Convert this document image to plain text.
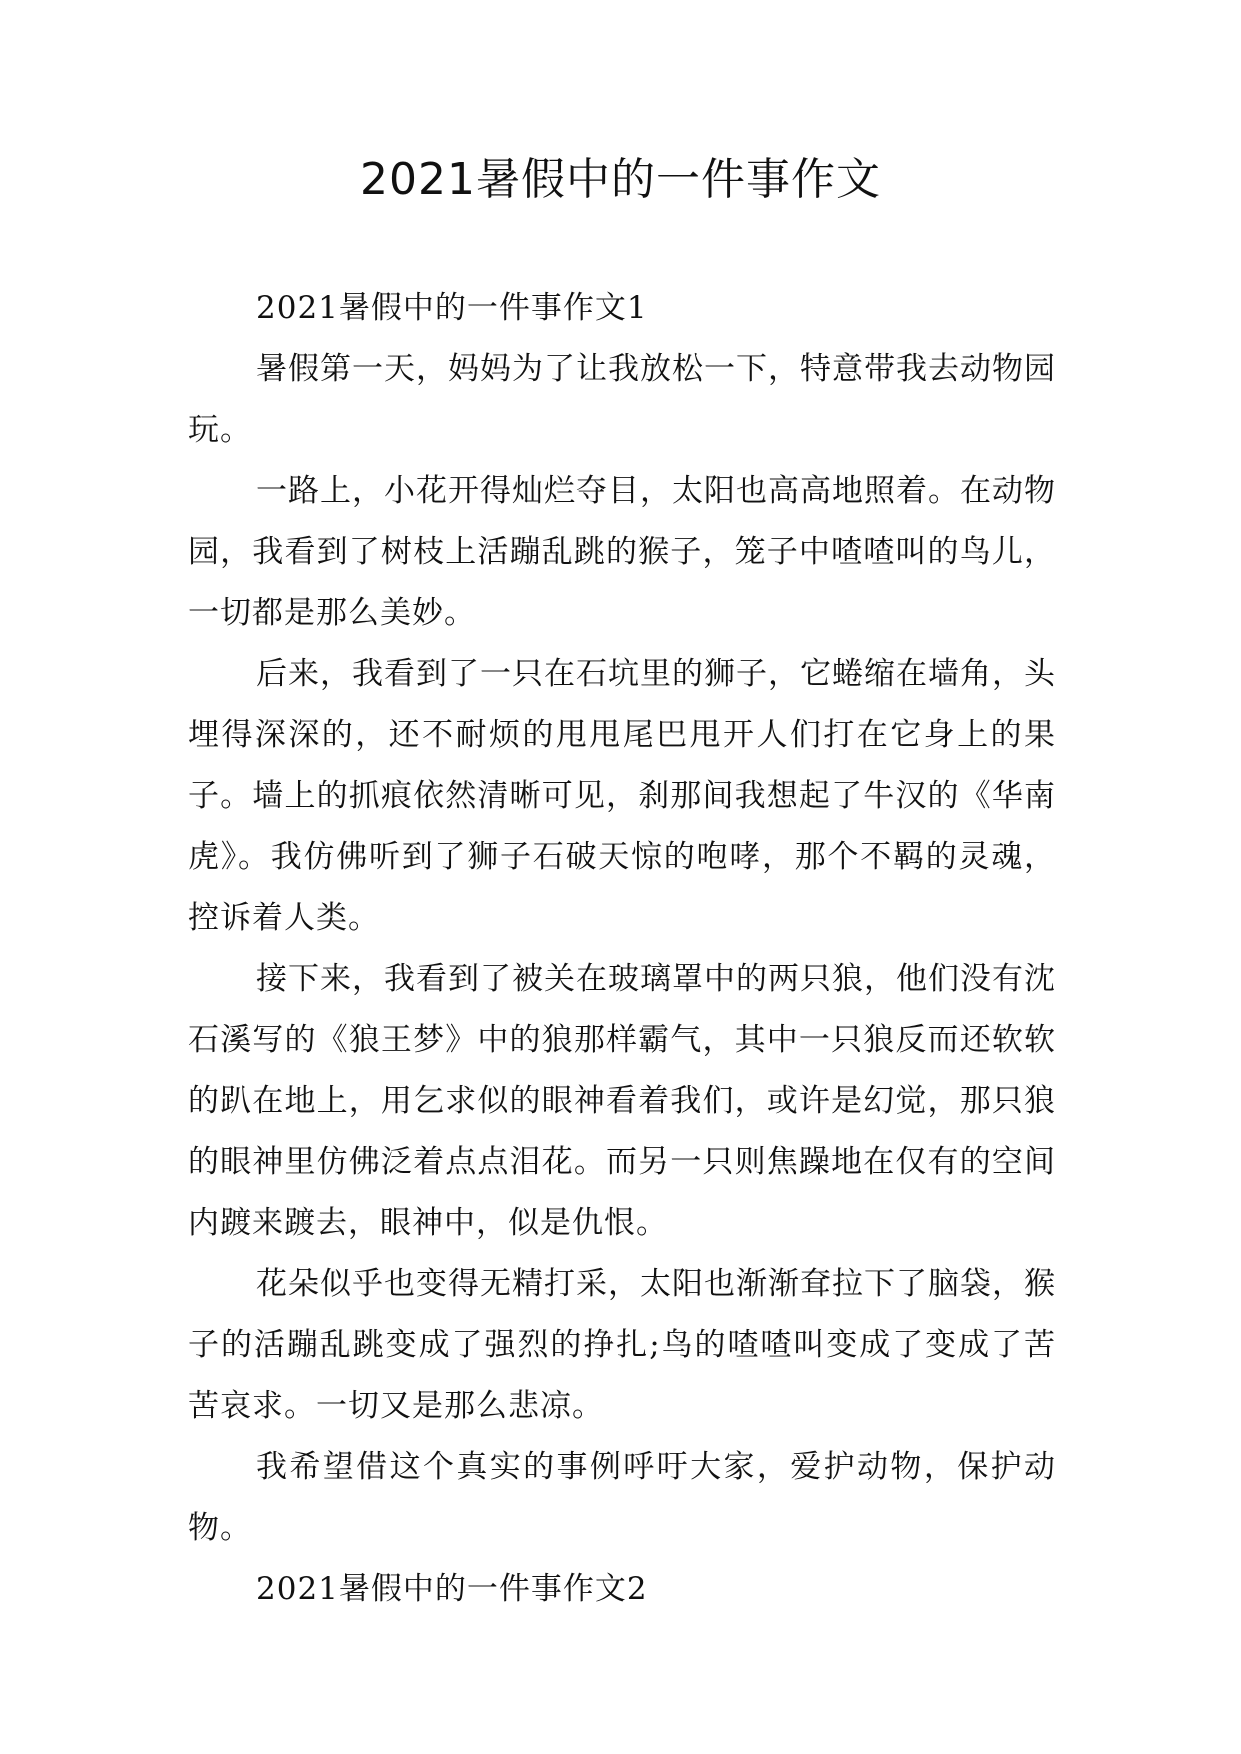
2021暑假中的一件事作文

2021暑假中的一件事作文1

暑假第一天，妈妈为了让我放松一下，特意带我去动物园玩。

一路上，小花开得灿烂夺目，太阳也高高地照着。在动物园，我看到了树枝上活蹦乱跳的猴子，笼子中喳喳叫的鸟儿，一切都是那么美妙。

后来，我看到了一只在石坑里的狮子，它蜷缩在墙角，头埋得深深的，还不耐烦的甩甩尾巴甩开人们打在它身上的果子。墙上的抓痕依然清晰可见，刹那间我想起了牛汉的《华南虎》。我仿佛听到了狮子石破天惊的咆哮，那个不羁的灵魂，控诉着人类。

接下来，我看到了被关在玻璃罩中的两只狼，他们没有沈石溪写的《狼王梦》中的狼那样霸气，其中一只狼反而还软软的趴在地上，用乞求似的眼神看着我们，或许是幻觉，那只狼的眼神里仿佛泛着点点泪花。而另一只则焦躁地在仅有的空间内踱来踱去，眼神中，似是仇恨。

花朵似乎也变得无精打采，太阳也渐渐耷拉下了脑袋，猴子的活蹦乱跳变成了强烈的挣扎;鸟的喳喳叫变成了变成了苦苦哀求。一切又是那么悲凉。

我希望借这个真实的事例呼吁大家，爱护动物，保护动物。

2021暑假中的一件事作文2
